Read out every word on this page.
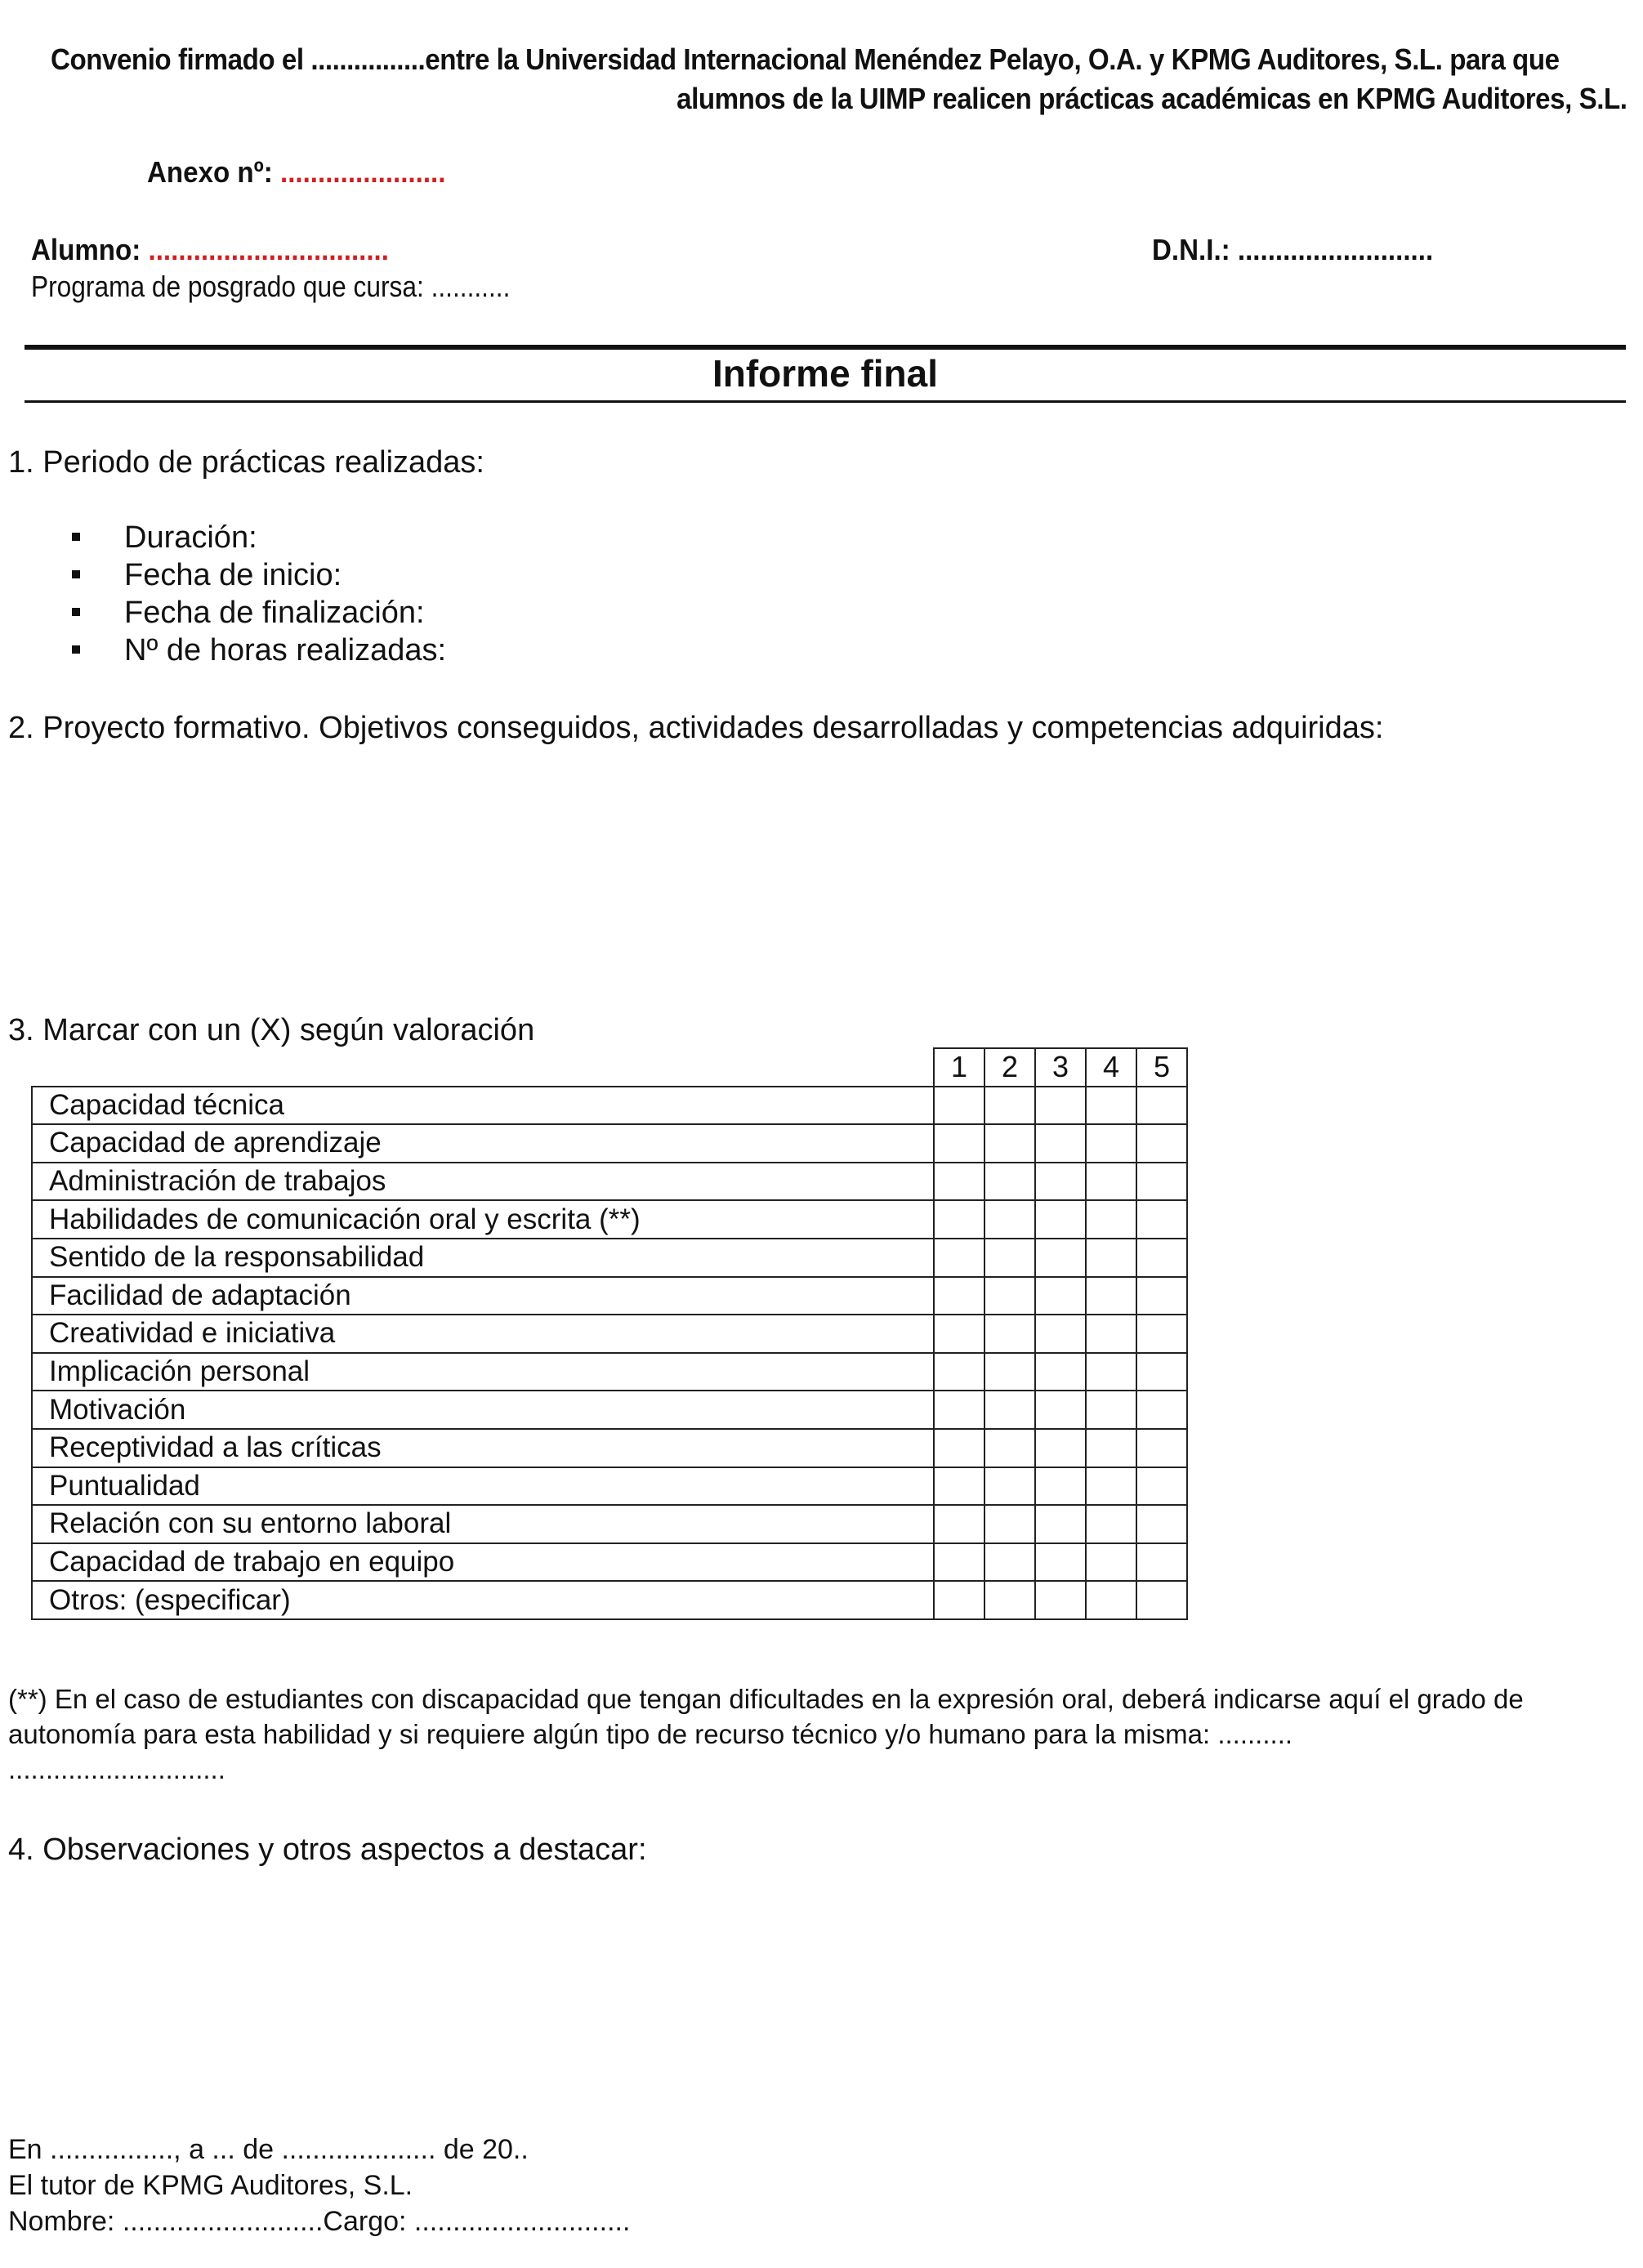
Convenio firmado el ................entre la Universidad Internacional Menéndez Pelayo, O.A. y KPMG Auditores, S.L. para que
alumnos de la UIMP realicen prácticas académicas en KPMG Auditores, S.L.
Anexo nº: ......................
Alumno: ................................	D.N.I.: ..........................
Programa de posgrado que cursa: ...........
Informe final
1. Periodo de prácticas realizadas:
Duración:
Fecha de inicio:
Fecha de finalización:
Nº de horas realizadas:
2. Proyecto formativo. Objetivos conseguidos, actividades desarrolladas y competencias adquiridas:
3. Marcar con un (X) según valoración
	1	2	3	4	5
Capacidad técnica					
Capacidad de aprendizaje					
Administración de trabajos					
Habilidades de comunicación oral y escrita (**)					
Sentido de la responsabilidad					
Facilidad de adaptación					
Creatividad e iniciativa					
Implicación personal					
Motivación					
Receptividad a las críticas					
Puntualidad					
Relación con su entorno laboral					
Capacidad de trabajo en equipo					
Otros: (especificar)					
(**) En el caso de estudiantes con discapacidad que tengan dificultades en la expresión oral, deberá indicarse aquí el grado de
autonomía para esta habilidad y si requiere algún tipo de recurso técnico y/o humano para la misma: ..........
.............................
4. Observaciones y otros aspectos a destacar:
En ................, a ... de .................... de 20..
El tutor de KPMG Auditores, S.L.
Nombre: ..........................Cargo: ............................
